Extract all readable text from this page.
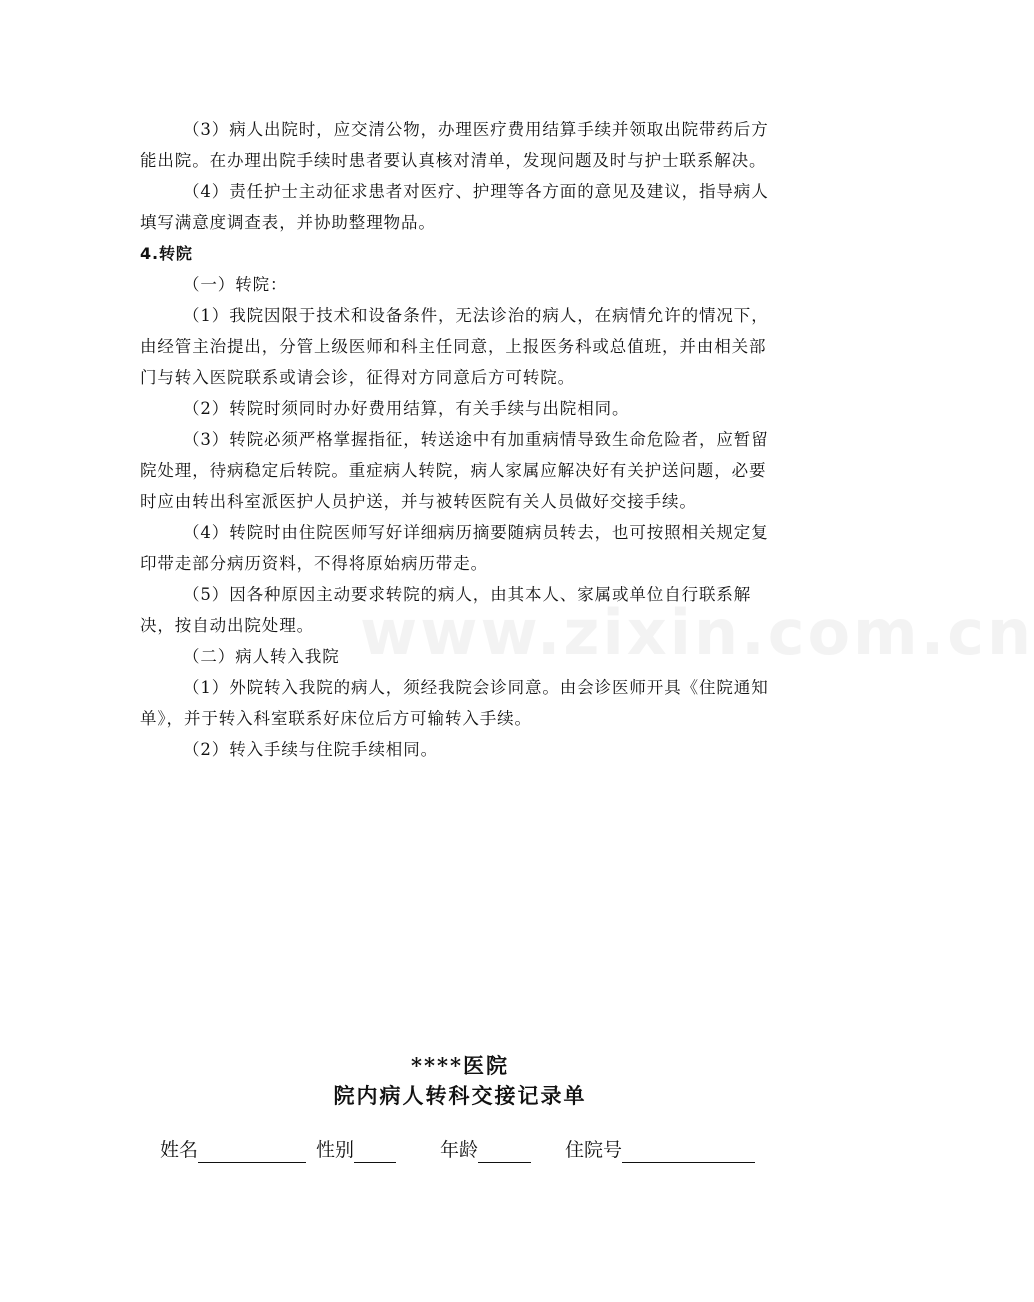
（3）病人出院时，应交清公物，办理医疗费用结算手续并领取出院带药后方能出院。在办理出院手续时患者要认真核对清单，发现问题及时与护士联系解决。

（4）责任护士主动征求患者对医疗、护理等各方面的意见及建议，指导病人填写满意度调查表，并协助整理物品。

4.转院

（一）转院：

（1）我院因限于技术和设备条件，无法诊治的病人，在病情允许的情况下，由经管主治提出，分管上级医师和科主任同意，上报医务科或总值班，并由相关部门与转入医院联系或请会诊，征得对方同意后方可转院。

（2）转院时须同时办好费用结算，有关手续与出院相同。

（3）转院必须严格掌握指征，转送途中有加重病情导致生命危险者，应暂留院处理，待病稳定后转院。重症病人转院，病人家属应解决好有关护送问题，必要时应由转出科室派医护人员护送，并与被转医院有关人员做好交接手续。

（4）转院时由住院医师写好详细病历摘要随病员转去，也可按照相关规定复印带走部分病历资料，不得将原始病历带走。

（5）因各种原因主动要求转院的病人，由其本人、家属或单位自行联系解决，按自动出院处理。

（二）病人转入我院

（1）外院转入我院的病人，须经我院会诊同意。由会诊医师开具《住院通知单》，并于转入科室联系好床位后方可输转入手续。

（2）转入手续与住院手续相同。

www.zixin.com.cn
****医院
院内病人转科交接记录单
姓名	性别	年龄	住院号
